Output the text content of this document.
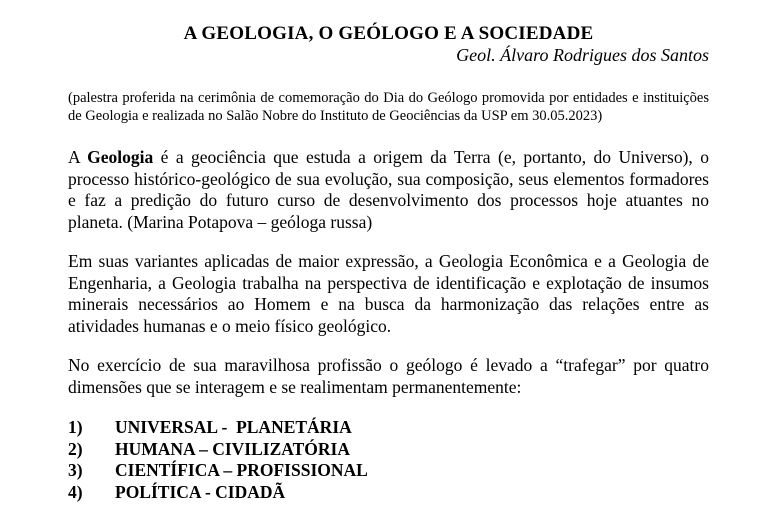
A GEOLOGIA, O GEÓLOGO E A SOCIEDADE
Geol. Álvaro Rodrigues dos Santos
(palestra proferida na cerimônia de comemoração do Dia do Geólogo promovida por entidades e instituições de Geologia e realizada no Salão Nobre do Instituto de Geociências da USP em 30.05.2023)
A Geologia é a geociência que estuda a origem da Terra (e, portanto, do Universo), o processo histórico-geológico de sua evolução, sua composição, seus elementos formadores e faz a predição do futuro curso de desenvolvimento dos processos hoje atuantes no planeta. (Marina Potapova – geóloga russa)
Em suas variantes aplicadas de maior expressão, a Geologia Econômica e a Geologia de Engenharia, a Geologia trabalha na perspectiva de identificação e explotação de insumos minerais necessários ao Homem e na busca da harmonização das relações entre as atividades humanas e o meio físico geológico.
No exercício de sua maravilhosa profissão o geólogo é levado a “trafegar” por quatro dimensões que se interagem e se realimentam permanentemente:
1)	UNIVERSAL -  PLANETÁRIA
2)	HUMANA – CIVILIZATÓRIA
3)	CIENTÍFICA – PROFISSIONAL
4)	POLÍTICA - CIDADÃ
